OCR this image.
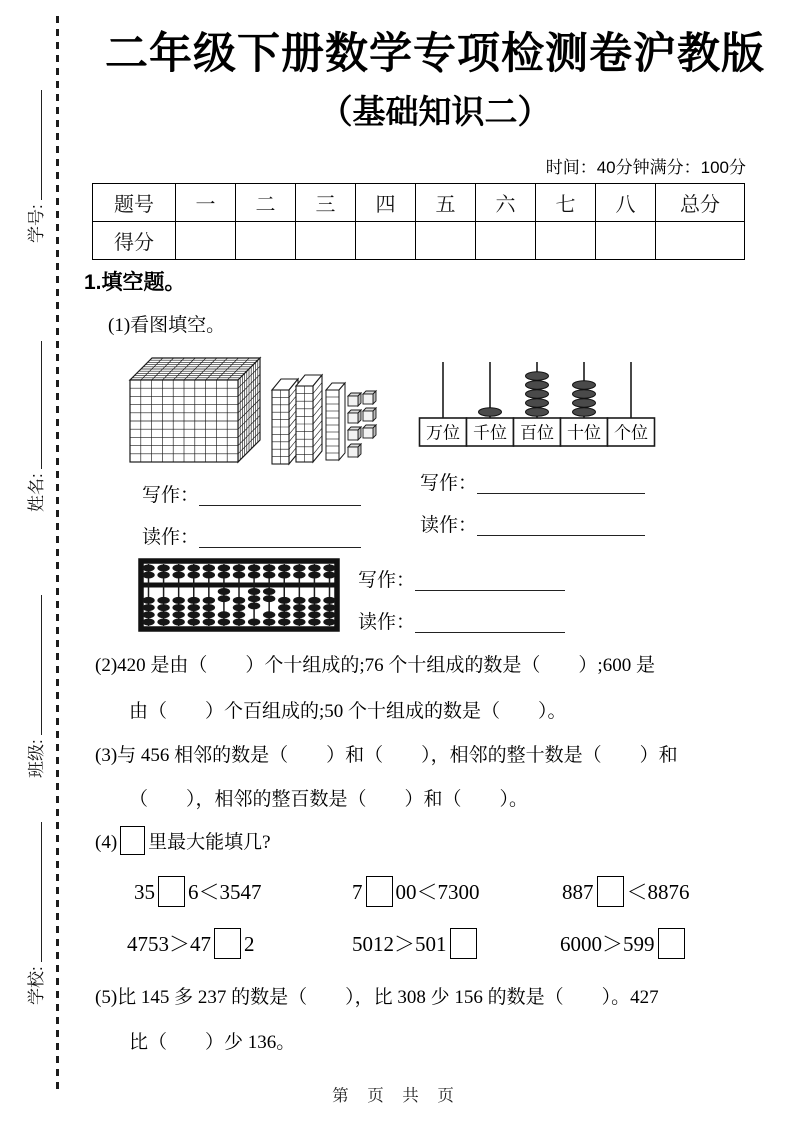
学号:
姓名:
班级:
学校:
二年级下册数学专项检测卷沪教版
（基础知识二）
时间：40分钟满分：100分
题号	一	二	三	四	五	六	七	八	总分
得分									
1.填空题。
(1)看图填空。
万位 千位 百位 十位 个位
写作：
读作：
写作：
读作：
写作：
读作：
(2)420 是由（　　）个十组成的;76 个十组成的数是（　　）;600 是
由（　　）个百组成的;50 个十组成的数是（　　）。
(3)与 456 相邻的数是（　　）和（　　），相邻的整十数是（　　）和
（　　），相邻的整百数是（　　）和（　　）。
(4) 里最大能填几?
35 6＜3547	7 00＜7300	887 ＜8876
4753＞47 2	5012＞501	6000＞599
(5)比 145 多 237 的数是（　　），比 308 少 156 的数是（　　）。427
比（　　）少 136。
第 页 共 页
